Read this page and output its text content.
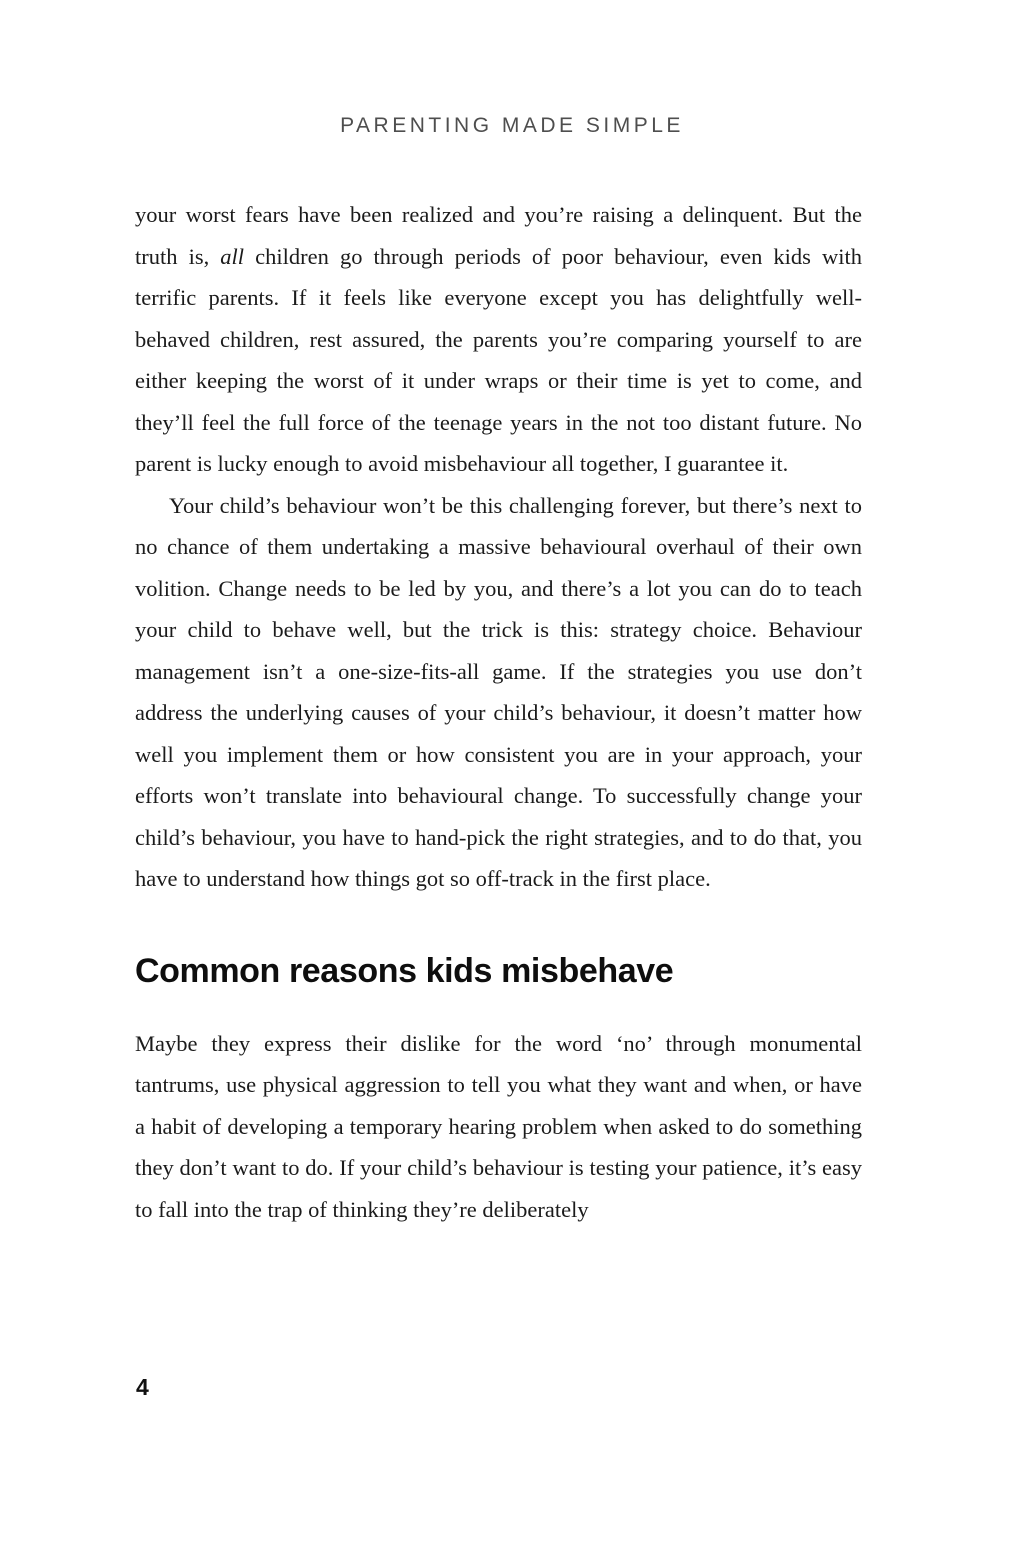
PARENTING MADE SIMPLE

your worst fears have been realized and you’re raising a delinquent. But the truth is, all children go through periods of poor behaviour, even kids with terrific parents. If it feels like everyone except you has delightfully well-behaved children, rest assured, the parents you’re comparing yourself to are either keeping the worst of it under wraps or their time is yet to come, and they’ll feel the full force of the teenage years in the not too distant future. No parent is lucky enough to avoid misbehaviour all together, I guarantee it.

Your child’s behaviour won’t be this challenging forever, but there’s next to no chance of them undertaking a massive behavioural overhaul of their own volition. Change needs to be led by you, and there’s a lot you can do to teach your child to behave well, but the trick is this: strategy choice. Behaviour management isn’t a one-size-fits-all game. If the strategies you use don’t address the underlying causes of your child’s behaviour, it doesn’t matter how well you implement them or how consistent you are in your approach, your efforts won’t translate into behavioural change. To successfully change your child’s behaviour, you have to hand-pick the right strategies, and to do that, you have to understand how things got so off-track in the first place.

Common reasons kids misbehave

Maybe they express their dislike for the word ‘no’ through monumental tantrums, use physical aggression to tell you what they want and when, or have a habit of developing a temporary hearing problem when asked to do something they don’t want to do. If your child’s behaviour is testing your patience, it’s easy to fall into the trap of thinking they’re deliberately

4
